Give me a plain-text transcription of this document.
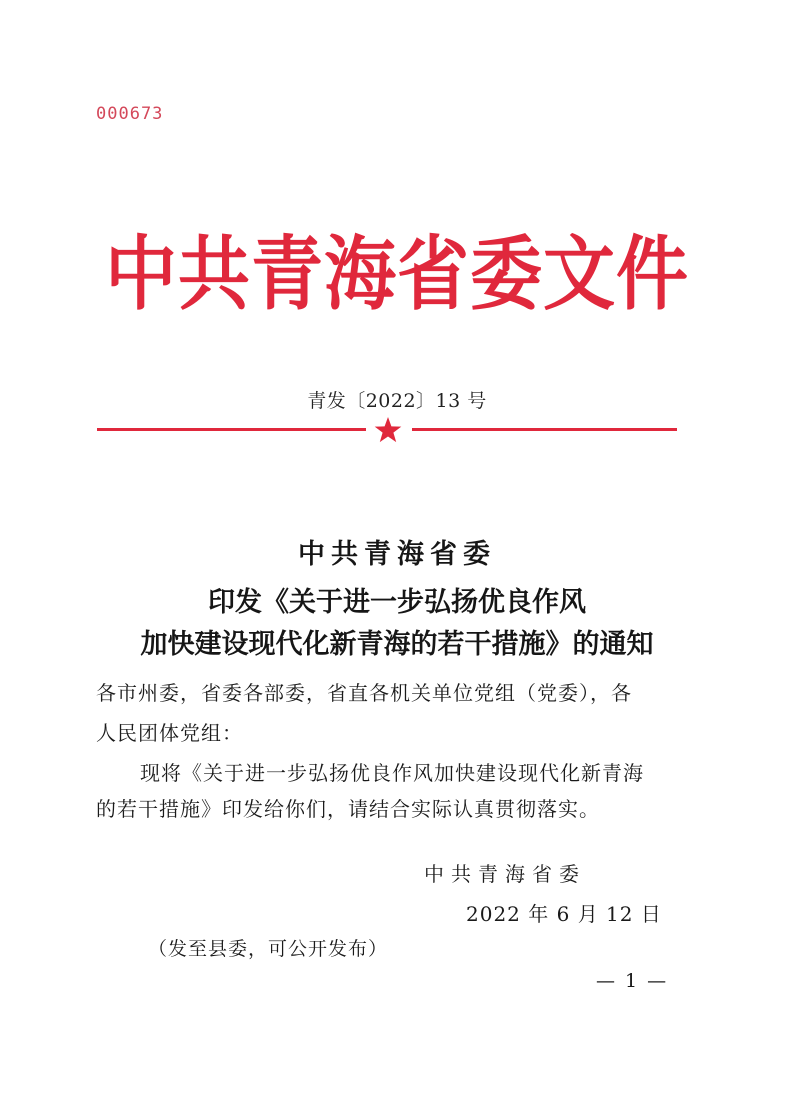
000673
中共青海省委文件
青发〔2022〕13 号
中共青海省委
印发《关于进一步弘扬优良作风
加快建设现代化新青海的若干措施》的通知
各市州委，省委各部委，省直各机关单位党组（党委），各
人民团体党组：
现将《关于进一步弘扬优良作风加快建设现代化新青海
的若干措施》印发给你们，请结合实际认真贯彻落实。
中共青海省委
2022 年 6 月 12 日
（发至县委，可公开发布）
— 1 —
